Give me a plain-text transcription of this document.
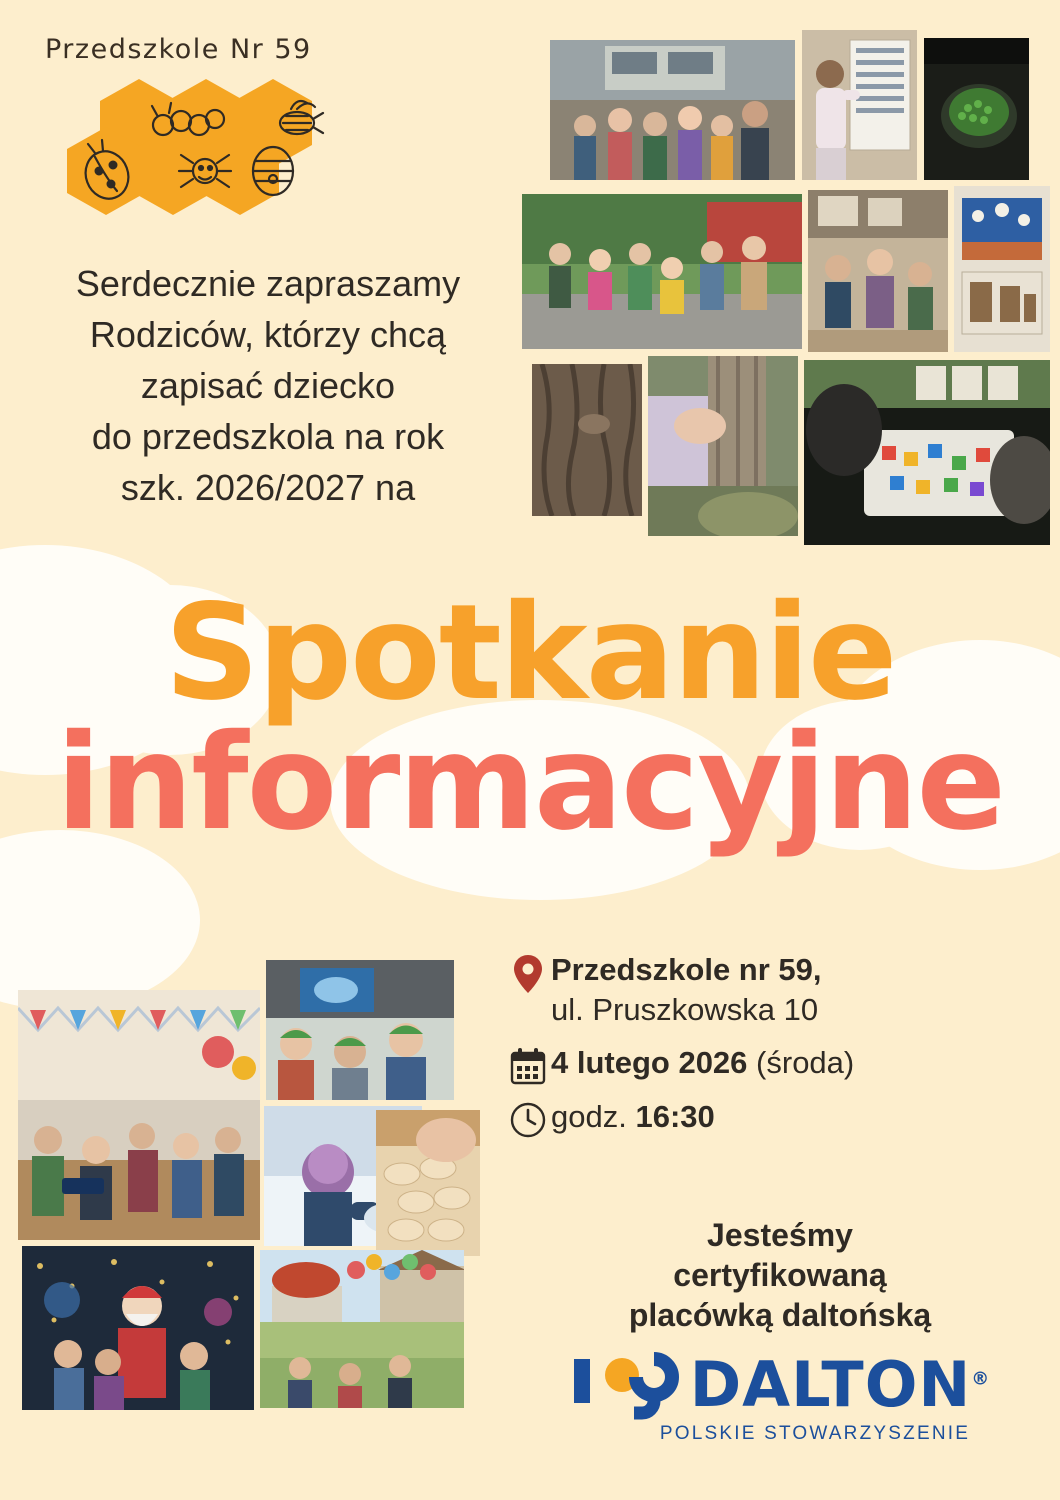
Przedszkole Nr 59
Serdecznie zapraszamy
Rodziców, którzy chcą
zapisać dziecko
do przedszkola na rok
szk. 2026/2027 na
Spotkanie
informacyjne
Przedszkole nr 59,
ul. Pruszkowska 10
4 lutego 2026 (środa)
godz. 16:30
Jesteśmy
certyfikowaną
placówką daltońską
DALTON®
POLSKIE STOWARZYSZENIE
